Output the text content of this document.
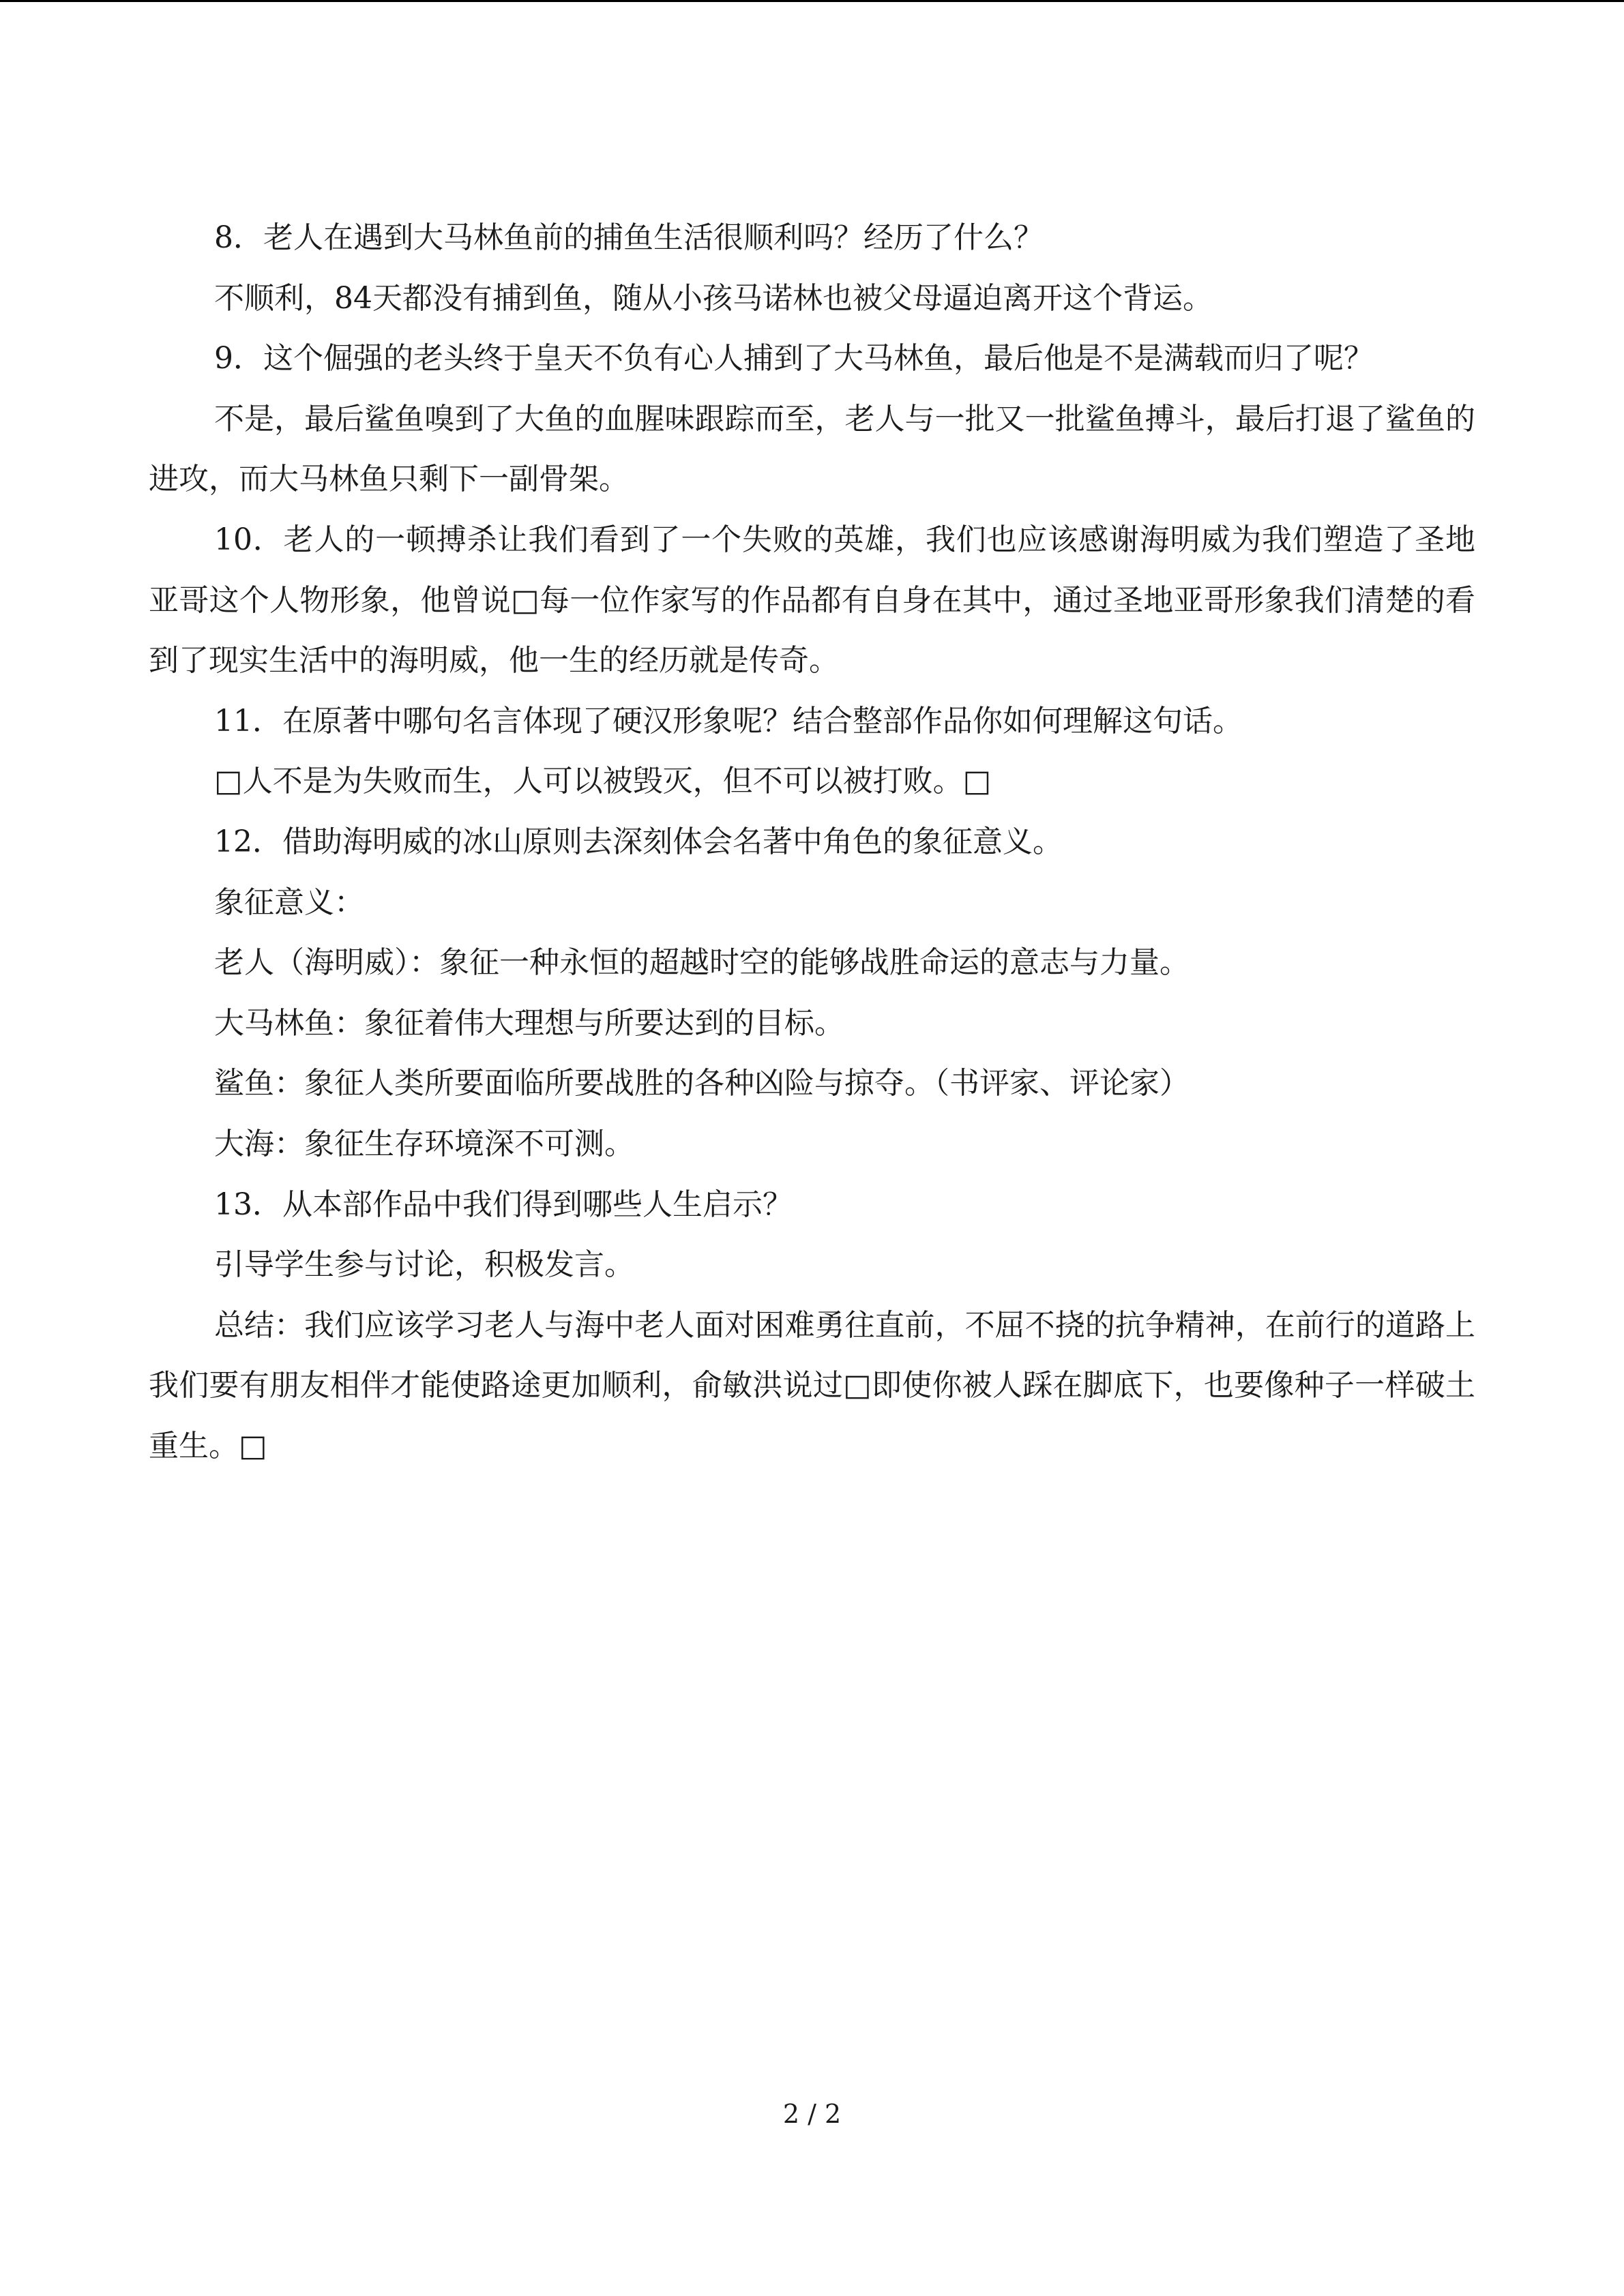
8．老人在遇到大马林鱼前的捕鱼生活很顺利吗？经历了什么？

不顺利，84天都没有捕到鱼，随从小孩马诺林也被父母逼迫离开这个背运。

9．这个倔强的老头终于皇天不负有心人捕到了大马林鱼，最后他是不是满载而归了呢？

不是，最后鲨鱼嗅到了大鱼的血腥味跟踪而至，老人与一批又一批鲨鱼搏斗，最后打退了鲨鱼的进攻，而大马林鱼只剩下一副骨架。

10．老人的一顿搏杀让我们看到了一个失败的英雄，我们也应该感谢海明威为我们塑造了圣地亚哥这个人物形象，他曾说□每一位作家写的作品都有自身在其中，通过圣地亚哥形象我们清楚的看到了现实生活中的海明威，他一生的经历就是传奇。

11．在原著中哪句名言体现了硬汉形象呢？结合整部作品你如何理解这句话。

□人不是为失败而生，人可以被毁灭，但不可以被打败。□

12．借助海明威的冰山原则去深刻体会名著中角色的象征意义。

象征意义：

老人（海明威）：象征一种永恒的超越时空的能够战胜命运的意志与力量。

大马林鱼：象征着伟大理想与所要达到的目标。

鲨鱼：象征人类所要面临所要战胜的各种凶险与掠夺。（书评家、评论家）

大海：象征生存环境深不可测。

13．从本部作品中我们得到哪些人生启示？

引导学生参与讨论，积极发言。

总结：我们应该学习老人与海中老人面对困难勇往直前，不屈不挠的抗争精神，在前行的道路上我们要有朋友相伴才能使路途更加顺利，俞敏洪说过□即使你被人踩在脚底下，也要像种子一样破土重生。□

2 / 2
